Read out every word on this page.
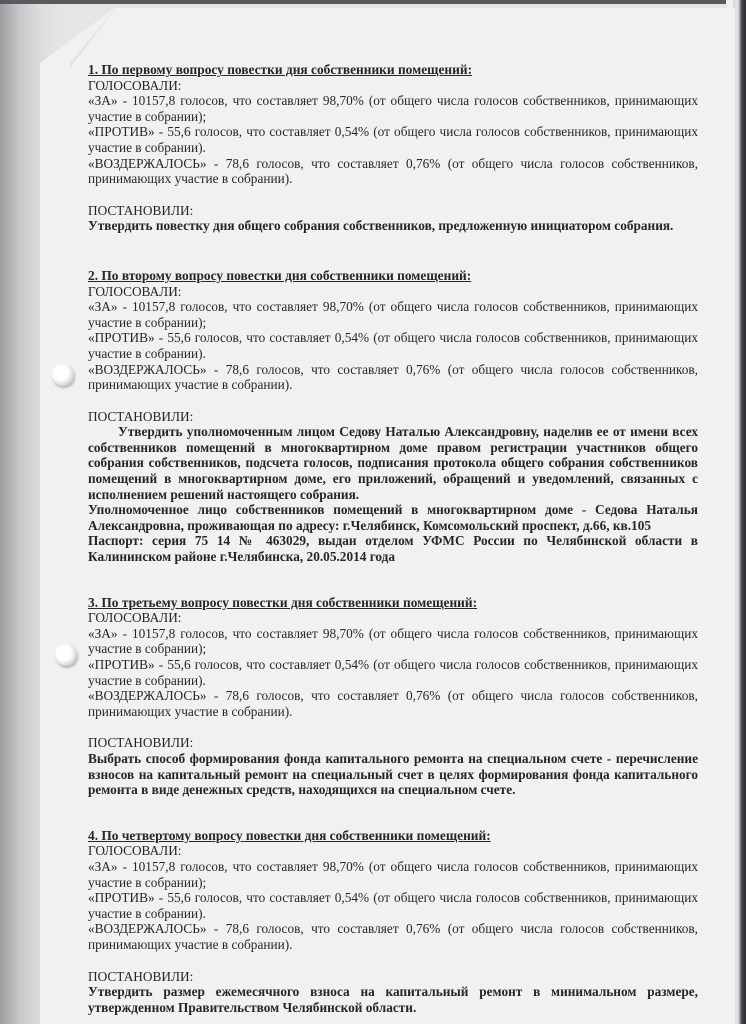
1. По первому вопросу повестки дня собственники помещений:
ГОЛОСОВАЛИ:
«ЗА» - 10157,8 голосов, что составляет 98,70% (от общего числа голосов собственников, принимающих участие в собрании);
«ПРОТИВ» - 55,6 голосов, что составляет 0,54% (от общего числа голосов собственников, принимающих участие в собрании).
«ВОЗДЕРЖАЛОСЬ» - 78,6 голосов, что составляет 0,76% (от общего числа голосов собственников, принимающих участие в собрании).
ПОСТАНОВИЛИ:
Утвердить повестку дня общего собрания собственников, предложенную инициатором собрания.
2. По второму вопросу повестки дня собственники помещений:
ГОЛОСОВАЛИ:
«ЗА» - 10157,8 голосов, что составляет 98,70% (от общего числа голосов собственников, принимающих участие в собрании);
«ПРОТИВ» - 55,6 голосов, что составляет 0,54% (от общего числа голосов собственников, принимающих участие в собрании).
«ВОЗДЕРЖАЛОСЬ» - 78,6 голосов, что составляет 0,76% (от общего числа голосов собственников, принимающих участие в собрании).
ПОСТАНОВИЛИ:
Утвердить уполномоченным лицом Седову Наталью Александровну, наделив ее от имени всех собственников помещений в многоквартирном доме правом регистрации участников общего собрания собственников, подсчета голосов, подписания протокола общего собрания собственников помещений в многоквартирном доме, его приложений, обращений и уведомлений, связанных с исполнением решений настоящего собрания.
Уполномоченное лицо собственников помещений в многоквартирном доме - Седова Наталья Александровна, проживающая по адресу: г.Челябинск, Комсомольский проспект, д.66, кв.105
Паспорт: серия 75 14 № 463029, выдан отделом УФМС России по Челябинской области в Калининском районе г.Челябинска, 20.05.2014 года
3. По третьему вопросу повестки дня собственники помещений:
ГОЛОСОВАЛИ:
«ЗА» - 10157,8 голосов, что составляет 98,70% (от общего числа голосов собственников, принимающих участие в собрании);
«ПРОТИВ» - 55,6 голосов, что составляет 0,54% (от общего числа голосов собственников, принимающих участие в собрании).
«ВОЗДЕРЖАЛОСЬ» - 78,6 голосов, что составляет 0,76% (от общего числа голосов собственников, принимающих участие в собрании).
ПОСТАНОВИЛИ:
Выбрать способ формирования фонда капитального ремонта на специальном счете - перечисление взносов на капитальный ремонт на специальный счет в целях формирования фонда капитального ремонта в виде денежных средств, находящихся на специальном счете.
4. По четвертому вопросу повестки дня собственники помещений:
ГОЛОСОВАЛИ:
«ЗА» - 10157,8 голосов, что составляет 98,70% (от общего числа голосов собственников, принимающих участие в собрании);
«ПРОТИВ» - 55,6 голосов, что составляет 0,54% (от общего числа голосов собственников, принимающих участие в собрании).
«ВОЗДЕРЖАЛОСЬ» - 78,6 голосов, что составляет 0,76% (от общего числа голосов собственников, принимающих участие в собрании).
ПОСТАНОВИЛИ:
Утвердить размер ежемесячного взноса на капитальный ремонт в минимальном размере, утвержденном Правительством Челябинской области.
